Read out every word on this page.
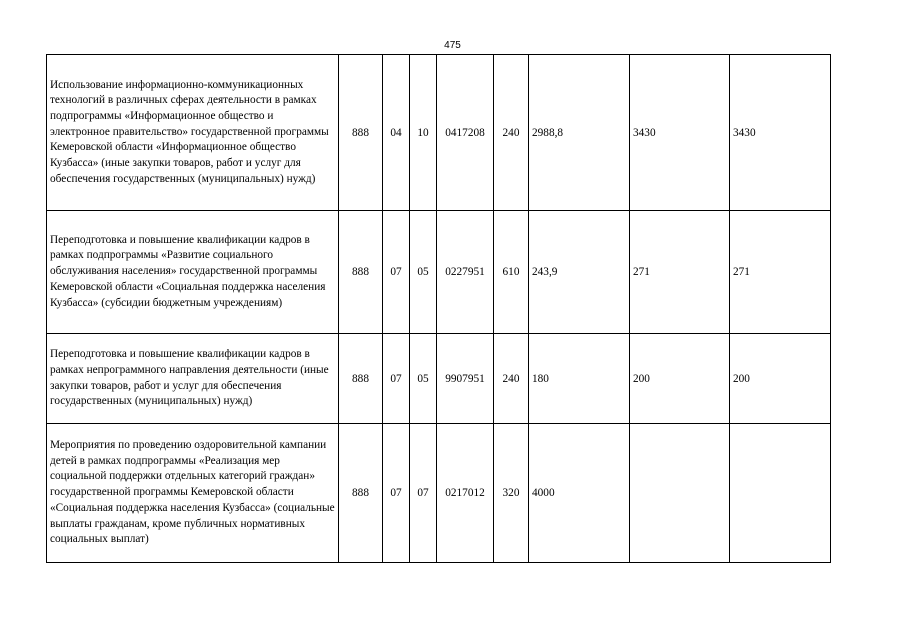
475
Использование информационно-коммуникационных технологий в различных сферах деятельности в рамках подпрограммы «Информационное общество и электронное правительство» государственной программы Кемеровской области «Информационное общество Кузбасса» (иные закупки товаров, работ и услуг для обеспечения государственных (муниципальных) нужд)	888	04	10	0417208	240	2988,8	3430	3430
Переподготовка и повышение квалификации кадров в рамках подпрограммы «Развитие социального обслуживания населения» государственной программы Кемеровской области «Социальная поддержка населения Кузбасса» (субсидии бюджетным учреждениям)	888	07	05	0227951	610	243,9	271	271
Переподготовка и повышение квалификации кадров в рамках непрограммного направления деятельности (иные закупки товаров, работ и услуг для обеспечения государственных (муниципальных) нужд)	888	07	05	9907951	240	180	200	200
Мероприятия по проведению оздоровительной кампании детей в рамках подпрограммы «Реализация мер социальной поддержки отдельных категорий граждан» государственной программы Кемеровской области «Социальная поддержка населения Кузбасса» (социальные выплаты гражданам, кроме публичных нормативных социальных выплат)	888	07	07	0217012	320	4000		
